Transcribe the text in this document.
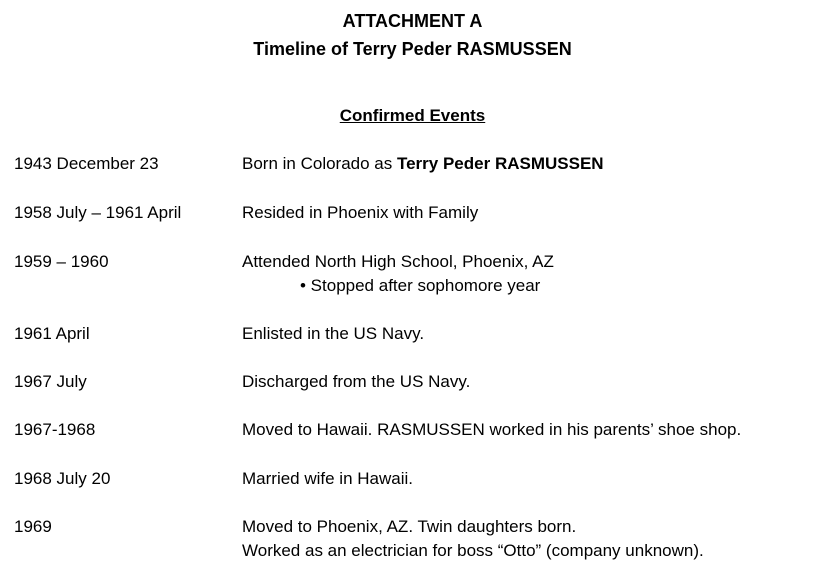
ATTACHMENT A
Timeline of Terry Peder RASMUSSEN
Confirmed Events
1943 December 23	Born in Colorado as Terry Peder RASMUSSEN
1958 July – 1961 April	Resided in Phoenix with Family
1959 – 1960	Attended North High School, Phoenix, AZ
• Stopped after sophomore year
1961 April	Enlisted in the US Navy.
1967 July	Discharged from the US Navy.
1967-1968	Moved to Hawaii. RASMUSSEN worked in his parents’ shoe shop.
1968 July 20	Married wife in Hawaii.
1969	Moved to Phoenix, AZ. Twin daughters born.
Worked as an electrician for boss “Otto” (company unknown).
